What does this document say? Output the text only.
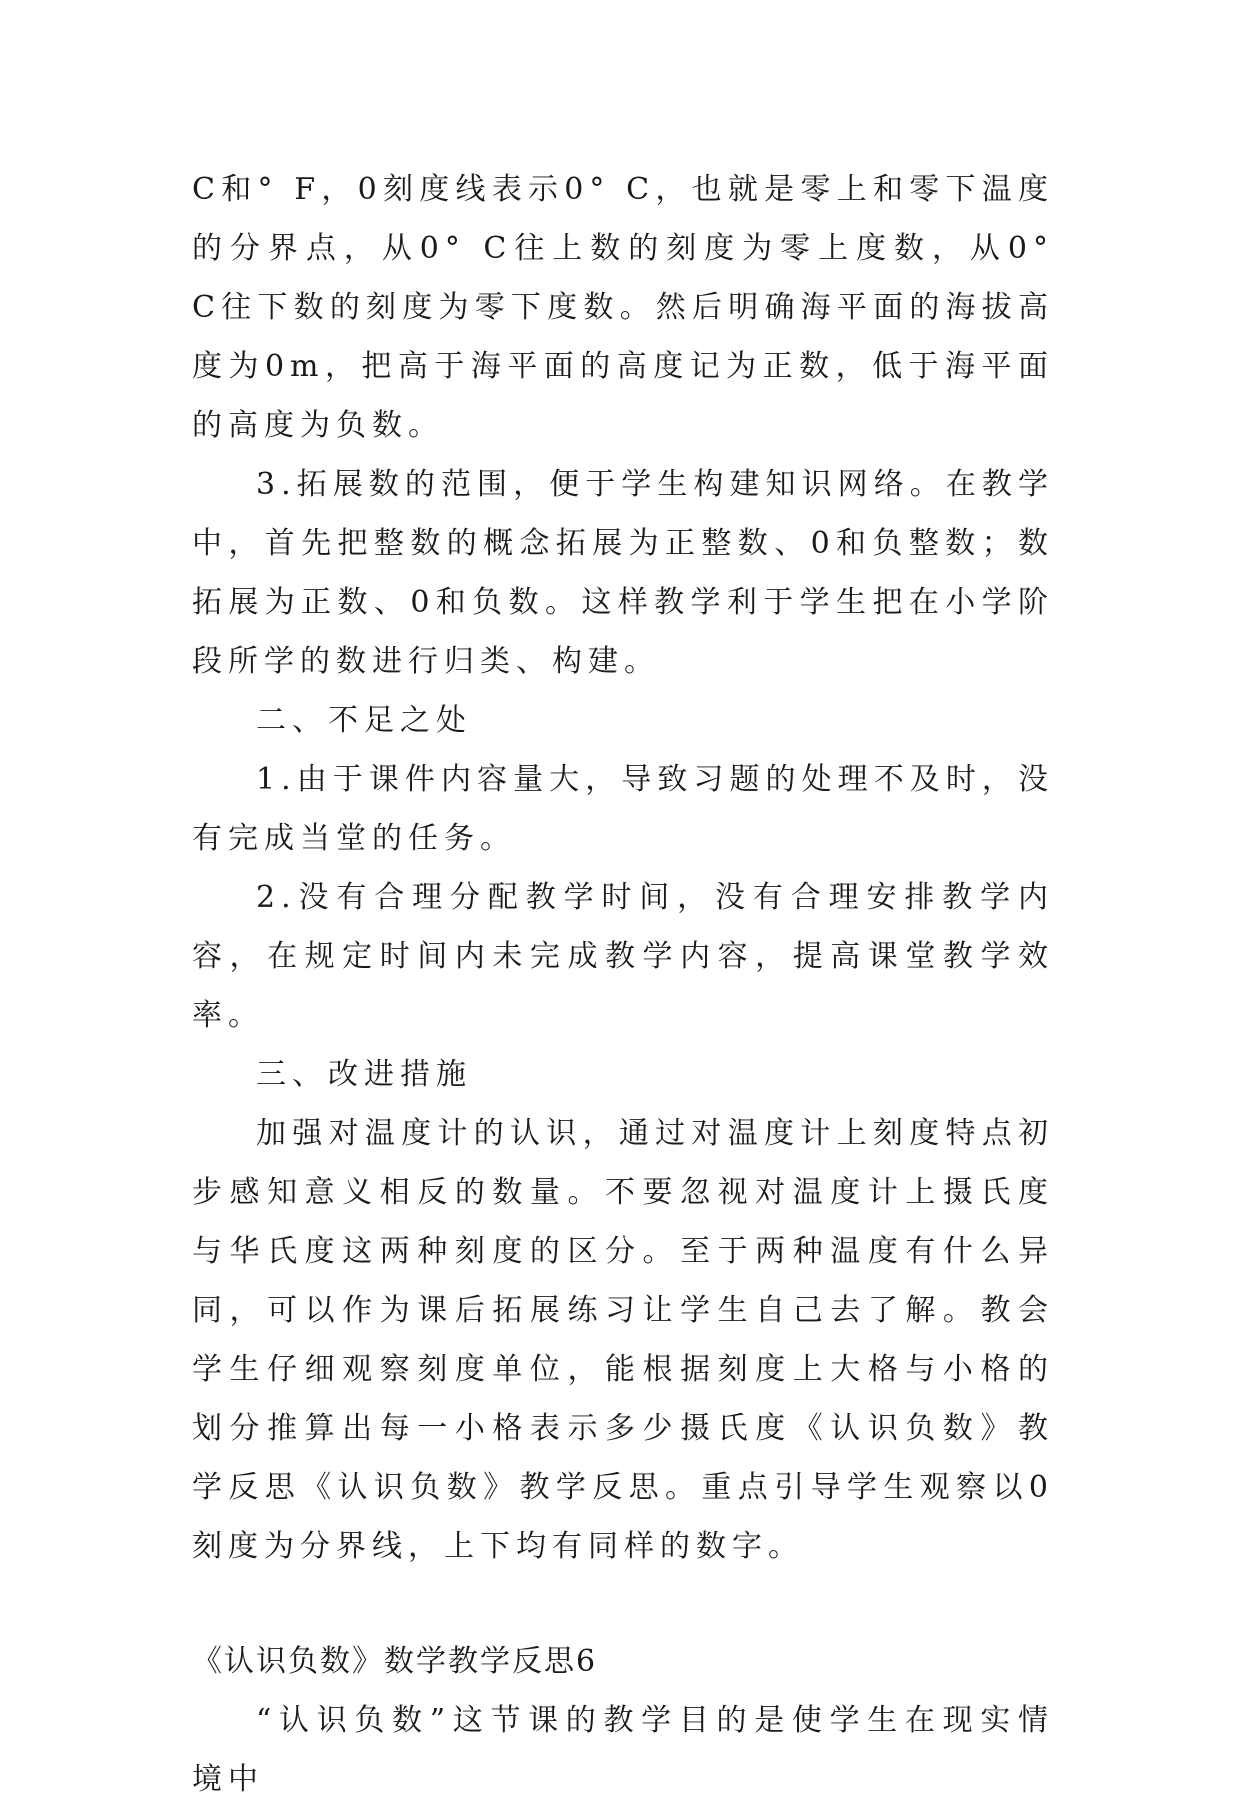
C和° F，0刻度线表示0° C，也就是零上和零下温度的分界点，从0° C往上数的刻度为零上度数，从0° C往下数的刻度为零下度数。然后明确海平面的海拔高度为0m，把高于海平面的高度记为正数，低于海平面的高度为负数。

3.拓展数的范围，便于学生构建知识网络。在教学中，首先把整数的概念拓展为正整数、0和负整数；数拓展为正数、0和负数。这样教学利于学生把在小学阶段所学的数进行归类、构建。

二、不足之处

1.由于课件内容量大，导致习题的处理不及时，没有完成当堂的任务。

2.没有合理分配教学时间，没有合理安排教学内容，在规定时间内未完成教学内容，提高课堂教学效率。

三、改进措施

加强对温度计的认识，通过对温度计上刻度特点初步感知意义相反的数量。不要忽视对温度计上摄氏度与华氏度这两种刻度的区分。至于两种温度有什么异同，可以作为课后拓展练习让学生自己去了解。教会学生仔细观察刻度单位，能根据刻度上大格与小格的划分推算出每一小格表示多少摄氏度《认识负数》教学反思《认识负数》教学反思。重点引导学生观察以0刻度为分界线，上下均有同样的数字。

《认识负数》数学教学反思6

“认识负数”这节课的教学目的是使学生在现实情境中
